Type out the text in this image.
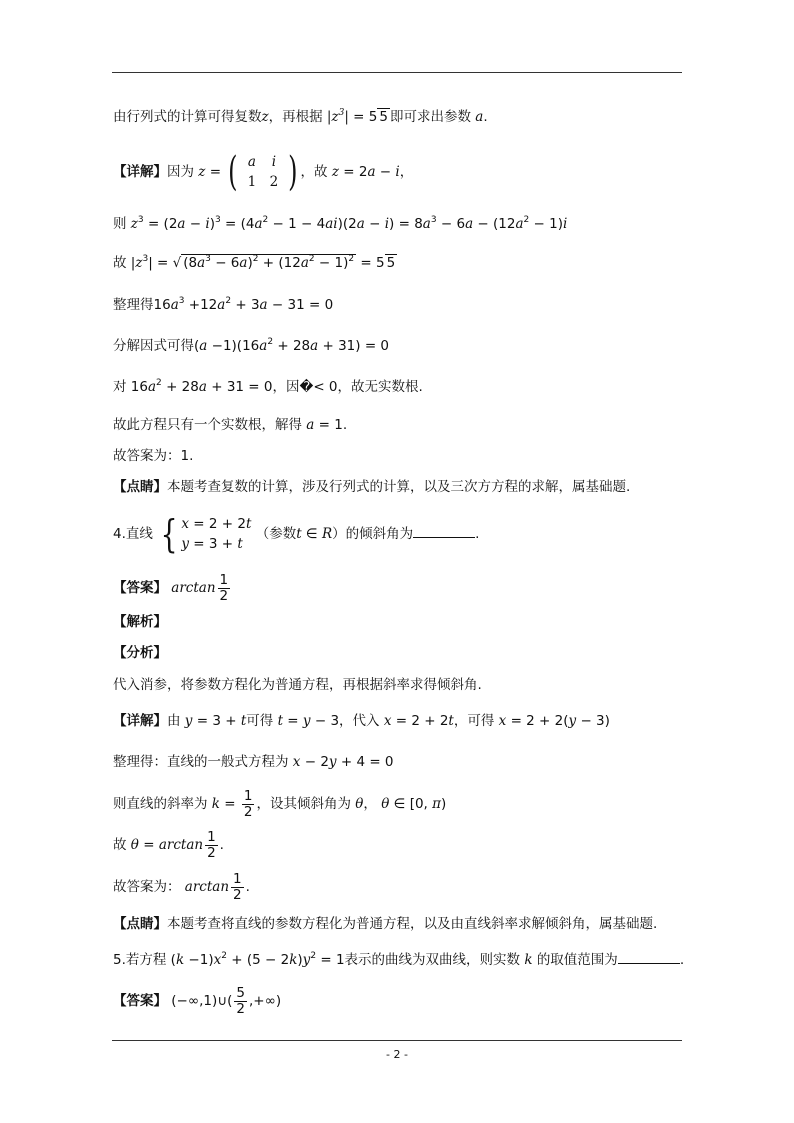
由行列式的计算可得复数z，再根据 $|z^3| = 5$ 5 即可求出参数 a.
【详解】因为 z = ( a	i
1 2 ) ，故 z = 2a − i，
则 $z^3 = (2a - i)^3 = (4a^2 - 1 - 4ai)(2a - i) = 8a^3 - 6a - (12a^2 - 1)i$
故 $|z^3|$ = √ $(8a^3 - 6a)^2 + (12a^2 - 1)^2 = 5$ 5
整理得$16a^3 +12a^2 + 3a - 31 = 0$
分解因式可得$(a -1)(16a^2 + 28a + 31) = 0$
对 $16a^2 + 28a + 31 = 0$，因�< 0，故无实数根.
故此方程只有一个实数根，解得 a = 1.
故答案为：1.
【点睛】本题考查复数的计算，涉及行列式的计算，以及三次方方程的求解，属基础题.
4.直线 { x = 2 + 2t
y = 3 + t
（参数t ∈ R）的倾斜角为	.
【答案】 $\arctan \frac{1}{2}$
【解析】
【分析】
代入消参，将参数方程化为普通方程，再根据斜率求得倾斜角.
【详解】由 y = 3 + t可得 t = y − 3，代入 x = 2 + 2t，可得 x = 2 + 2(y − 3)
整理得：直线的一般式方程为 x − 2y + 4 = 0
则直线的斜率为 $k = \frac{1}{2}$ ，设其倾斜角为 θ， θ ∈ [0, π)
故 $\theta = \arctan \frac{1}{2}$ .
故答案为： $\arctan \frac{1}{2}$ .
【点睛】本题考查将直线的参数方程化为普通方程，以及由直线斜率求解倾斜角，属基础题.
5.若方程 $(k -1)x^2 + (5 - 2k)y^2 = 1$表示的曲线为双曲线，则实数 k 的取值范围为	.
【答案】 (−∞,1)∪( $\frac{5}{2}$ ,+∞)
- 2 -
